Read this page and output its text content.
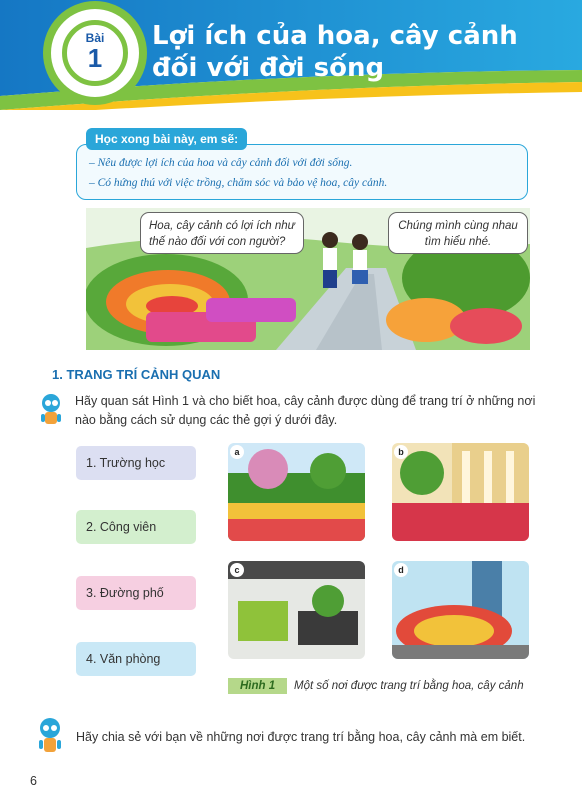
Bài
1
Lợi ích của hoa, cây cảnh
đối với đời sống
– Nêu được lợi ích của hoa và cây cảnh đối với đời sống.
– Có hứng thú với việc trồng, chăm sóc và bảo vệ hoa, cây cảnh.
Học xong bài này, em sẽ:
Hoa, cây cảnh có lợi ích như
thế nào đối với con người?
Chúng mình cùng nhau
tìm hiểu nhé.
1. TRANG TRÍ CẢNH QUAN
Hãy quan sát Hình 1 và cho biết hoa, cây cảnh được dùng để trang trí ở những nơi nào bằng cách sử dụng các thẻ gợi ý dưới đây.
1. Trường học
2. Công viên
3. Đường phố
4. Văn phòng
a	b
c	d
Hình 1	Một số nơi được trang trí bằng hoa, cây cảnh
Hãy chia sẻ với bạn về những nơi được trang trí bằng hoa, cây cảnh mà em biết.
6
